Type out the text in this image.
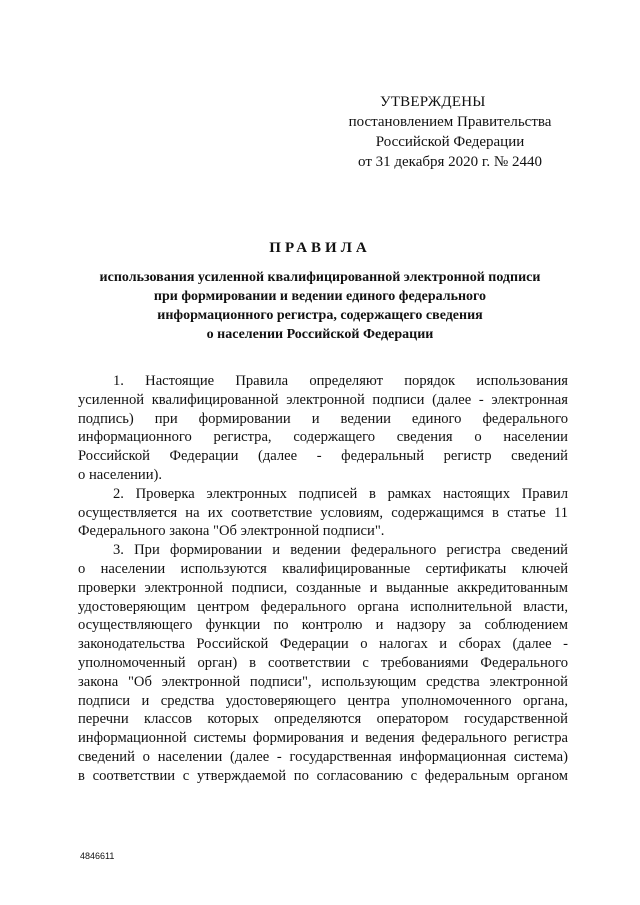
УТВЕРЖДЕНЫ
постановлением Правительства
Российской Федерации
от 31 декабря 2020 г. № 2440
ПРАВИЛА
использования усиленной квалифицированной электронной подписи
при формировании и ведении единого федерального
информационного регистра, содержащего сведения
о населении Российской Федерации
1. Настоящие Правила определяют порядок использования
усиленной квалифицированной электронной подписи (далее - электронная
подпись) при формировании и ведении единого федерального
информационного регистра, содержащего сведения о населении
Российской Федерации (далее - федеральный регистр сведений
о населении).
2. Проверка электронных подписей в рамках настоящих Правил
осуществляется на их соответствие условиям, содержащимся в статье 11
Федерального закона "Об электронной подписи".
3. При формировании и ведении федерального регистра сведений
о населении используются квалифицированные сертификаты ключей
проверки электронной подписи, созданные и выданные аккредитованным
удостоверяющим центром федерального органа исполнительной власти,
осуществляющего функции по контролю и надзору за соблюдением
законодательства Российской Федерации о налогах и сборах (далее -
уполномоченный орган) в соответствии с требованиями Федерального
закона "Об электронной подписи", использующим средства электронной
подписи и средства удостоверяющего центра уполномоченного органа,
перечни классов которых определяются оператором государственной
информационной системы формирования и ведения федерального регистра
сведений о населении (далее - государственная информационная система)
в соответствии с утверждаемой по согласованию с федеральным органом
4846611
